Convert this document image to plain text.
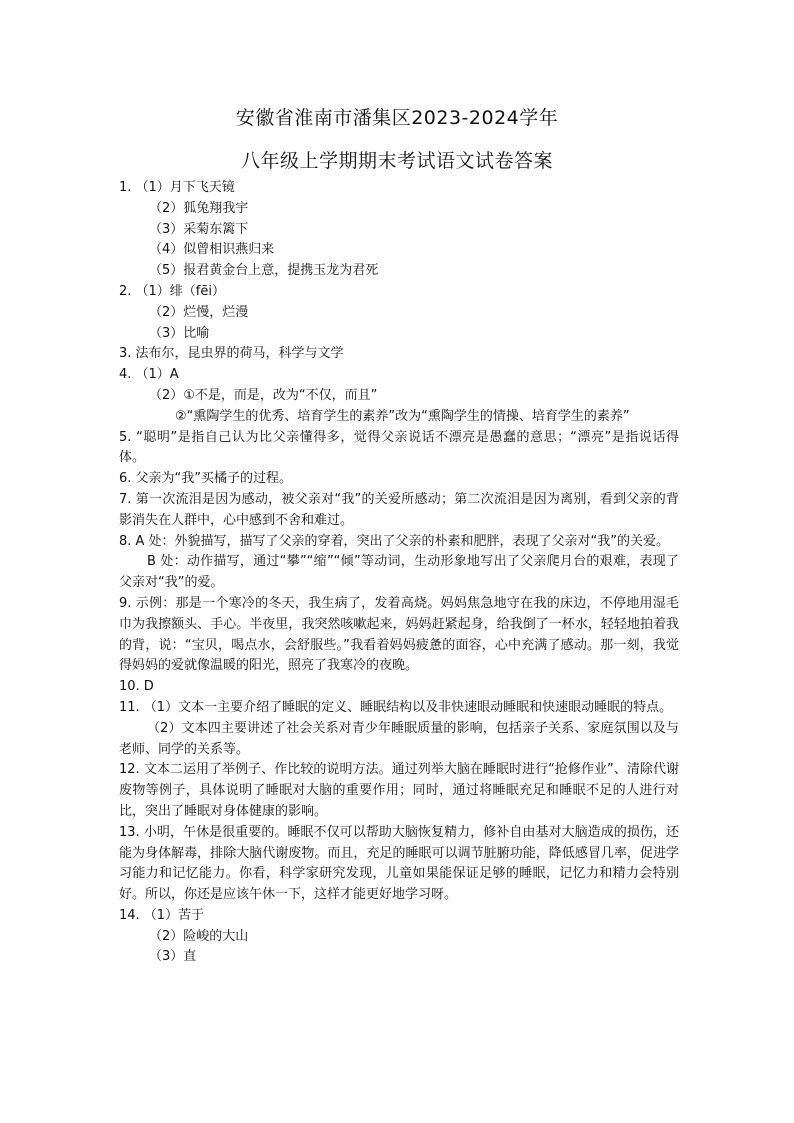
安徽省淮南市潘集区2023-2024学年
八年级上学期期末考试语文试卷答案
1. （1）月下飞天镜
（2）狐兔翔我宇
（3）采菊东篱下
（4）似曾相识燕归来
（5）报君黄金台上意，提携玉龙为君死
2. （1）绯（fēi）
（2）烂慢，烂漫
（3）比喻
3. 法布尔，昆虫界的荷马，科学与文学
4. （1）A
（2）①不是，而是，改为“不仅，而且”
②“熏陶学生的优秀、培育学生的素养”改为“熏陶学生的情操、培育学生的素养”
5. “聪明”是指自己认为比父亲懂得多，觉得父亲说话不漂亮是愚蠢的意思；“漂亮”是指说话得体。
6. 父亲为“我”买橘子的过程。
7. 第一次流泪是因为感动，被父亲对“我”的关爱所感动；第二次流泪是因为离别，看到父亲的背影消失在人群中，心中感到不舍和难过。
8. A 处：外貌描写，描写了父亲的穿着，突出了父亲的朴素和肥胖，表现了父亲对“我”的关爱。
B 处：动作描写，通过“攀”“缩”“倾”等动词，生动形象地写出了父亲爬月台的艰难，表现了父亲对“我”的爱。
9. 示例：那是一个寒冷的冬天，我生病了，发着高烧。妈妈焦急地守在我的床边，不停地用湿毛巾为我擦额头、手心。半夜里，我突然咳嗽起来，妈妈赶紧起身，给我倒了一杯水，轻轻地拍着我的背，说：“宝贝，喝点水，会舒服些。”我看着妈妈疲惫的面容，心中充满了感动。那一刻，我觉得妈妈的爱就像温暖的阳光，照亮了我寒冷的夜晚。
10. D
11. （1）文本一主要介绍了睡眠的定义、睡眠结构以及非快速眼动睡眠和快速眼动睡眠的特点。
（2）文本四主要讲述了社会关系对青少年睡眠质量的影响，包括亲子关系、家庭氛围以及与老师、同学的关系等。
12. 文本二运用了举例子、作比较的说明方法。通过列举大脑在睡眠时进行“抢修作业”、清除代谢废物等例子，具体说明了睡眠对大脑的重要作用；同时，通过将睡眠充足和睡眠不足的人进行对比，突出了睡眠对身体健康的影响。
13. 小明，午休是很重要的。睡眠不仅可以帮助大脑恢复精力，修补自由基对大脑造成的损伤，还能为身体解毒，排除大脑代谢废物。而且，充足的睡眠可以调节脏腑功能，降低感冒几率，促进学习能力和记忆能力。你看，科学家研究发现，儿童如果能保证足够的睡眠，记忆力和精力会特别好。所以，你还是应该午休一下，这样才能更好地学习呀。
14. （1）苦于
（2）险峻的大山
（3）直
